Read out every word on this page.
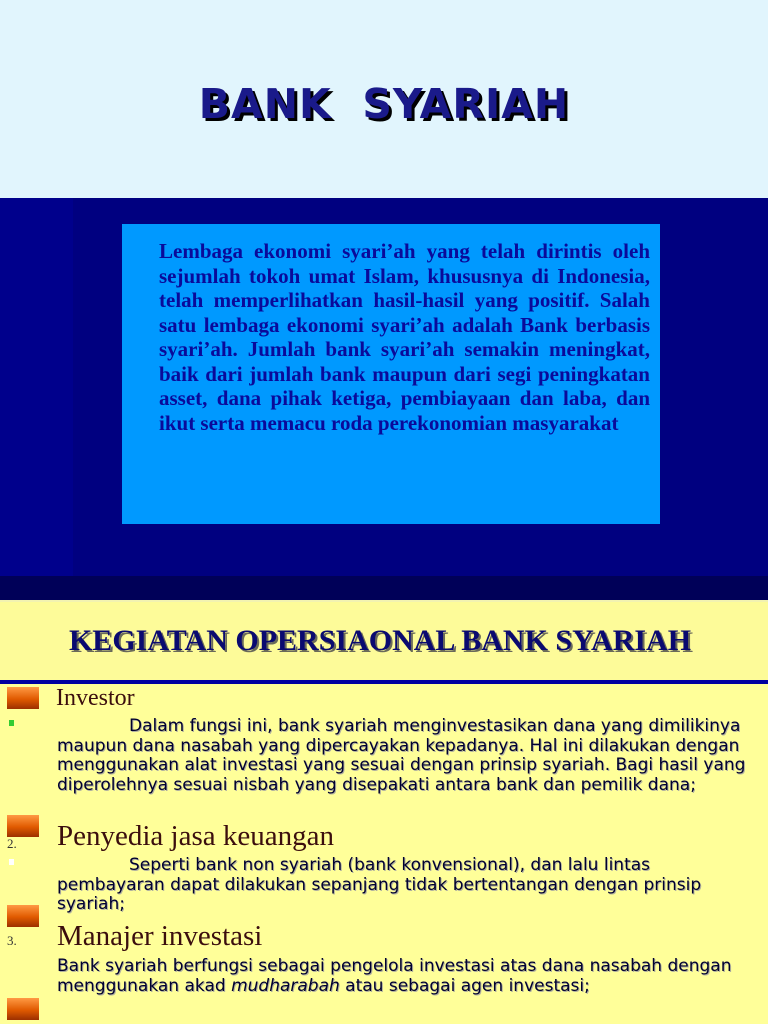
BANK  SYARIAH
Lembaga ekonomi syari’ah yang telah dirintis oleh sejumlah tokoh umat Islam, khususnya di Indonesia, telah memperlihatkan hasil-hasil yang positif. Salah satu lembaga ekonomi syari’ah adalah Bank berbasis syari’ah. Jumlah bank syari’ah semakin meningkat, baik dari jumlah bank maupun dari segi peningkatan asset, dana pihak ketiga, pembiayaan dan laba, dan ikut serta memacu roda perekonomian masyarakat
KEGIATAN OPERSIAONAL BANK SYARIAH
Investor
Dalam fungsi ini, bank syariah menginvestasikan dana yang dimilikinya maupun dana nasabah yang dipercayakan kepadanya. Hal ini dilakukan dengan menggunakan alat investasi yang sesuai dengan prinsip syariah. Bagi hasil yang diperolehnya sesuai nisbah yang disepakati antara bank dan pemilik dana;
2. Penyedia jasa keuangan
Seperti bank non syariah (bank konvensional), dan lalu lintas pembayaran dapat dilakukan sepanjang tidak bertentangan dengan prinsip syariah;
3. Manajer investasi
Bank syariah berfungsi sebagai pengelola investasi atas dana nasabah dengan menggunakan akad mudharabah atau sebagai agen investasi;
